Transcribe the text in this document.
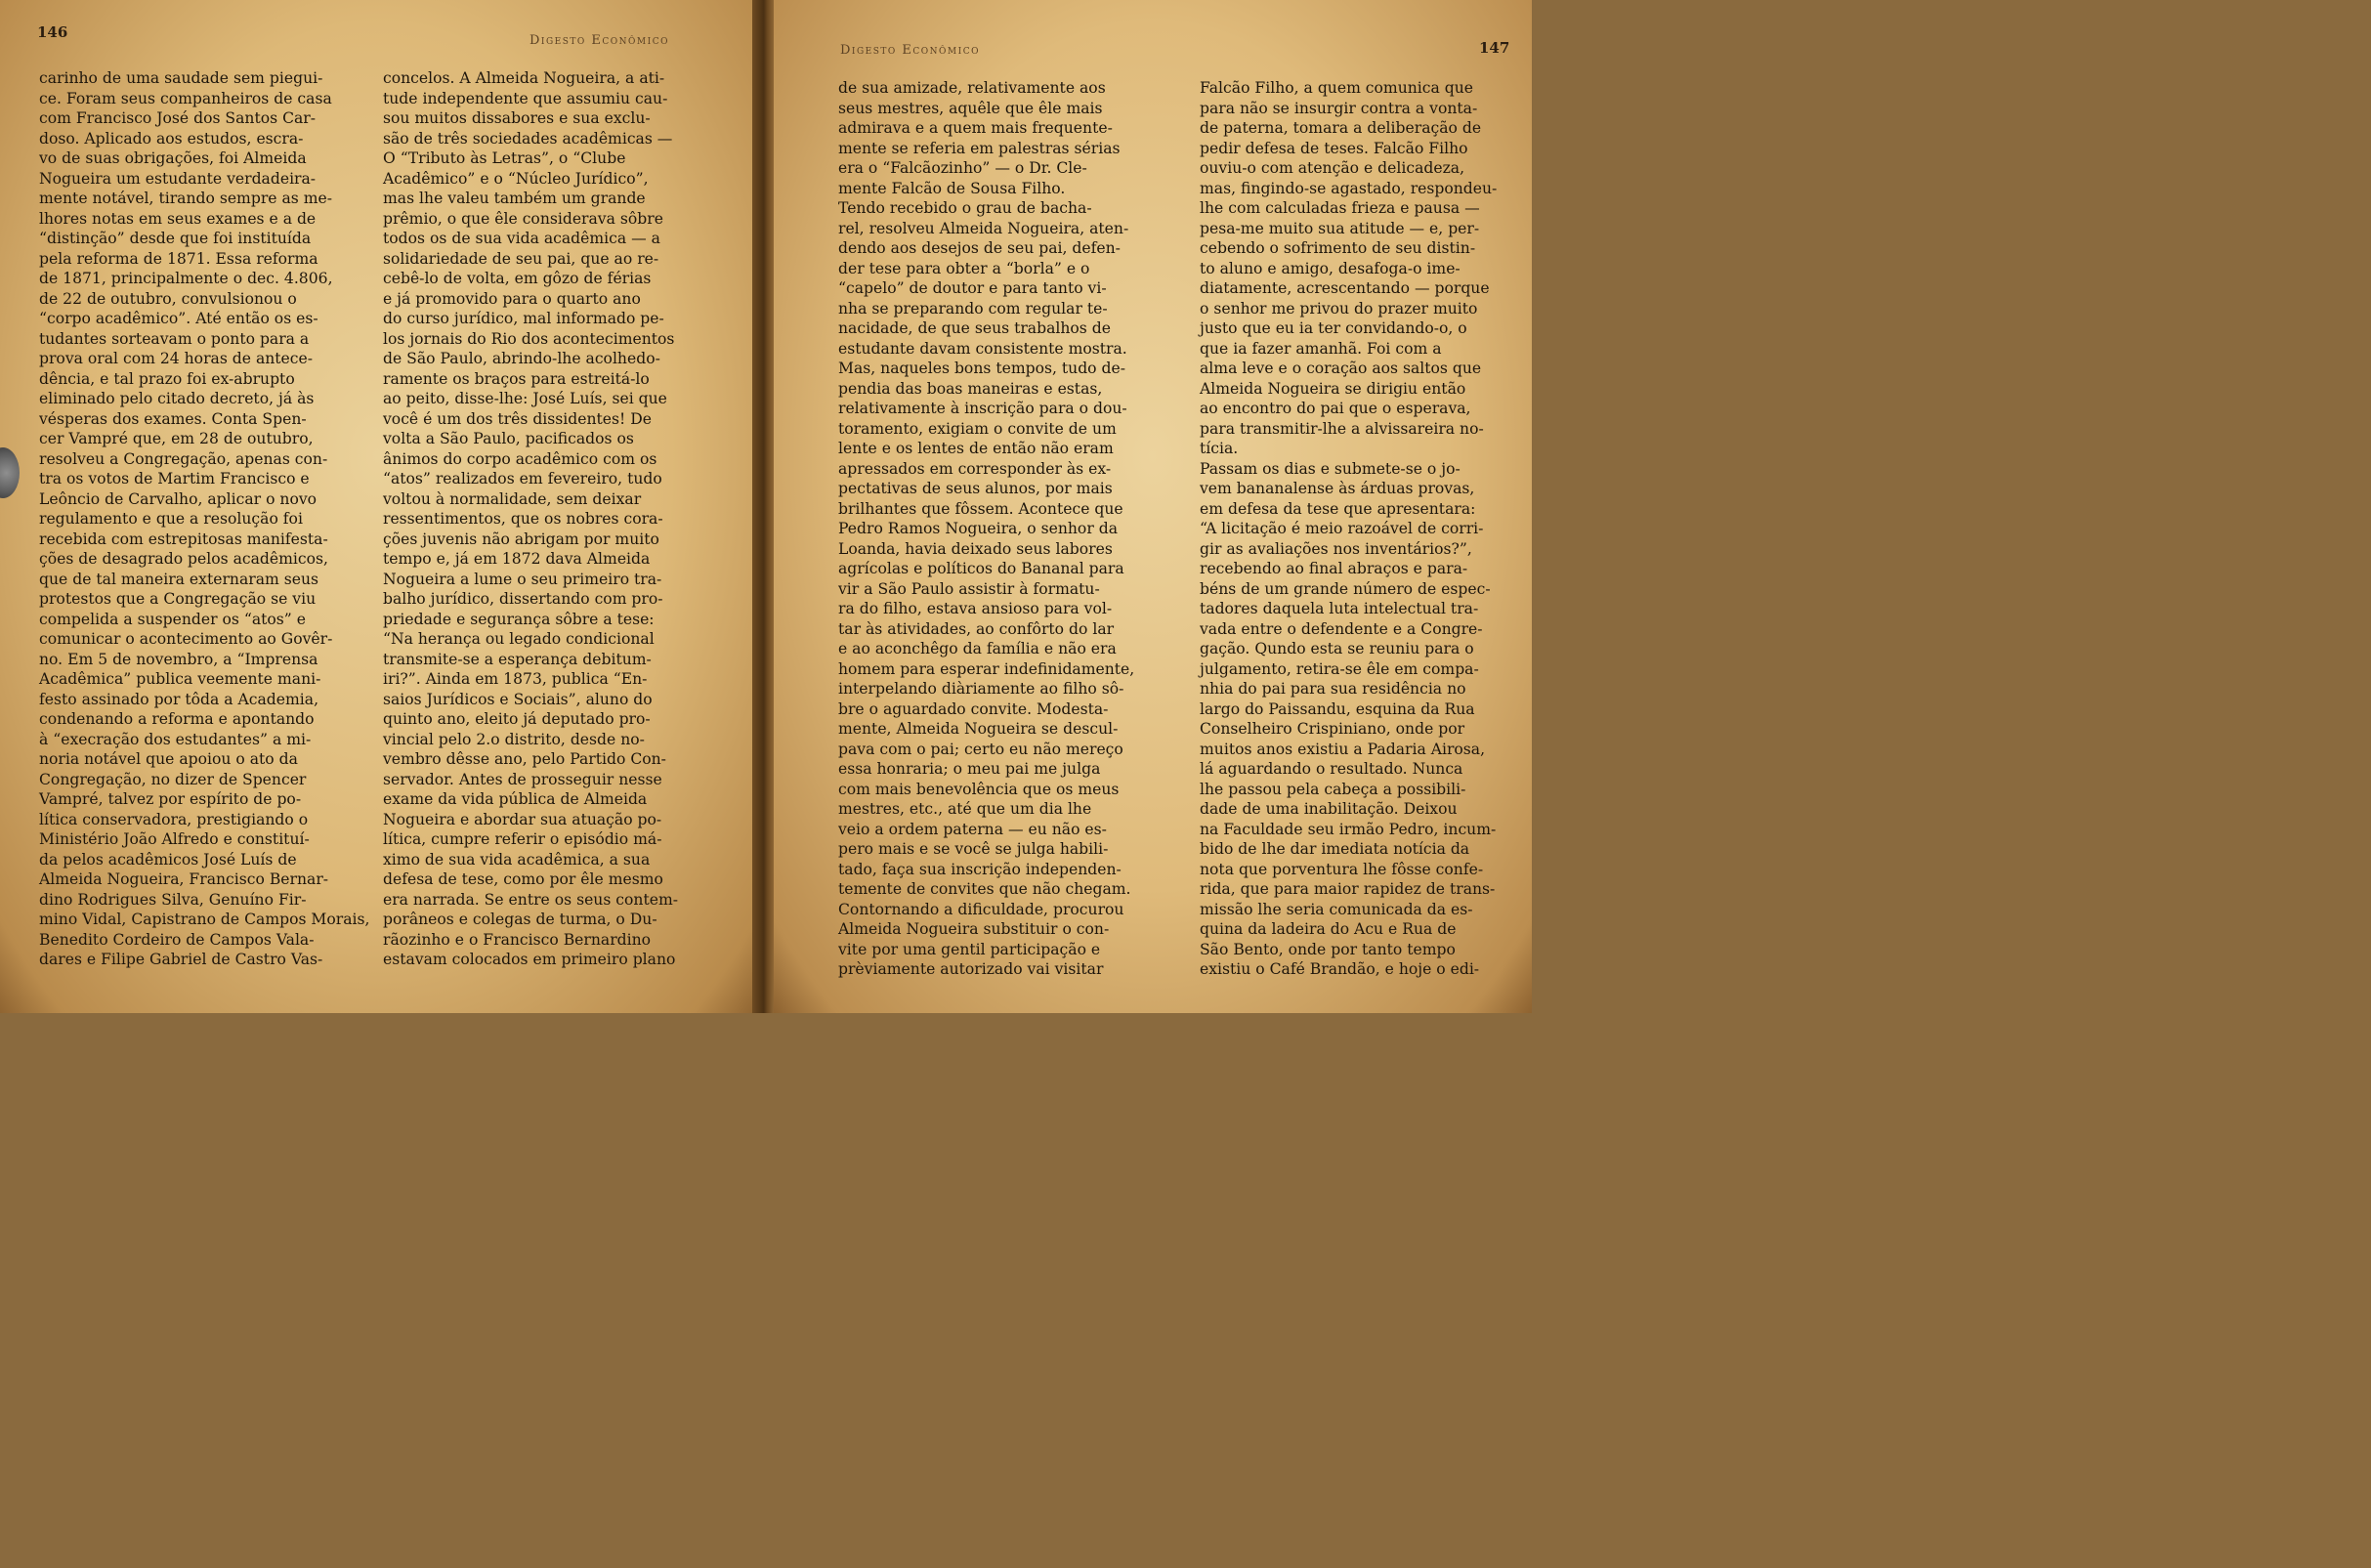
146	Digesto Econômico

carinho de uma saudade sem piegui-

ce. Foram seus companheiros de casa

com Francisco José dos Santos Car-

doso. Aplicado aos estudos, escra-

vo de suas obrigações, foi Almeida

Nogueira um estudante verdadeira-

mente notável, tirando sempre as me-

lhores notas em seus exames e a de

“distinção” desde que foi instituída

pela reforma de 1871. Essa reforma

de 1871, principalmente o dec. 4.806,

de 22 de outubro, convulsionou o

“corpo acadêmico”. Até então os es-

tudantes sorteavam o ponto para a

prova oral com 24 horas de antece-

dência, e tal prazo foi ex-abrupto

eliminado pelo citado decreto, já às

vésperas dos exames. Conta Spen-

cer Vampré que, em 28 de outubro,

resolveu a Congregação, apenas con-

tra os votos de Martim Francisco e

Leôncio de Carvalho, aplicar o novo

regulamento e que a resolução foi

recebida com estrepitosas manifesta-

ções de desagrado pelos acadêmicos,

que de tal maneira externaram seus

protestos que a Congregação se viu

compelida a suspender os “atos” e

comunicar o acontecimento ao Govêr-

no. Em 5 de novembro, a “Imprensa

Acadêmica” publica veemente mani-

festo assinado por tôda a Academia,

condenando a reforma e apontando

à “execração dos estudantes” a mi-

noria notável que apoiou o ato da

Congregação, no dizer de Spencer

Vampré, talvez por espírito de po-

lítica conservadora, prestigiando o

Ministério João Alfredo e constituí-

da pelos acadêmicos José Luís de

Almeida Nogueira, Francisco Bernar-

dino Rodrigues Silva, Genuíno Fir-

mino Vidal, Capistrano de Campos Morais,

Benedito Cordeiro de Campos Vala-

dares e Filipe Gabriel de Castro Vas-

concelos. A Almeida Nogueira, a ati-

tude independente que assumiu cau-

sou muitos dissabores e sua exclu-

são de três sociedades acadêmicas —

O “Tributo às Letras”, o “Clube

Acadêmico” e o “Núcleo Jurídico”,

mas lhe valeu também um grande

prêmio, o que êle considerava sôbre

todos os de sua vida acadêmica — a

solidariedade de seu pai, que ao re-

cebê-lo de volta, em gôzo de férias

e já promovido para o quarto ano

do curso jurídico, mal informado pe-

los jornais do Rio dos acontecimentos

de São Paulo, abrindo-lhe acolhedo-

ramente os braços para estreitá-lo

ao peito, disse-lhe: José Luís, sei que

você é um dos três dissidentes! De

volta a São Paulo, pacificados os

ânimos do corpo acadêmico com os

“atos” realizados em fevereiro, tudo

voltou à normalidade, sem deixar

ressentimentos, que os nobres cora-

ções juvenis não abrigam por muito

tempo e, já em 1872 dava Almeida

Nogueira a lume o seu primeiro tra-

balho jurídico, dissertando com pro-

priedade e segurança sôbre a tese:

“Na herança ou legado condicional

transmite-se a esperança debitum-

iri?”. Ainda em 1873, publica “En-

saios Jurídicos e Sociais”, aluno do

quinto ano, eleito já deputado pro-

vincial pelo 2.o distrito, desde no-

vembro dêsse ano, pelo Partido Con-

servador. Antes de prosseguir nesse

exame da vida pública de Almeida

Nogueira e abordar sua atuação po-

lítica, cumpre referir o episódio má-

ximo de sua vida acadêmica, a sua

defesa de tese, como por êle mesmo

era narrada. Se entre os seus contem-

porâneos e colegas de turma, o Du-

rãozinho e o Francisco Bernardino

estavam colocados em primeiro plano

Digesto Econômico	147

de sua amizade, relativamente aos

seus mestres, aquêle que êle mais

admirava e a quem mais frequente-

mente se referia em palestras sérias

era o “Falcãozinho” — o Dr. Cle-

mente Falcão de Sousa Filho.

Tendo recebido o grau de bacha-

rel, resolveu Almeida Nogueira, aten-

dendo aos desejos de seu pai, defen-

der tese para obter a “borla” e o

“capelo” de doutor e para tanto vi-

nha se preparando com regular te-

nacidade, de que seus trabalhos de

estudante davam consistente mostra.

Mas, naqueles bons tempos, tudo de-

pendia das boas maneiras e estas,

relativamente à inscrição para o dou-

toramento, exigiam o convite de um

lente e os lentes de então não eram

apressados em corresponder às ex-

pectativas de seus alunos, por mais

brilhantes que fôssem. Acontece que

Pedro Ramos Nogueira, o senhor da

Loanda, havia deixado seus labores

agrícolas e políticos do Bananal para

vir a São Paulo assistir à formatu-

ra do filho, estava ansioso para vol-

tar às atividades, ao confôrto do lar

e ao aconchêgo da família e não era

homem para esperar indefinidamente,

interpelando diàriamente ao filho sô-

bre o aguardado convite. Modesta-

mente, Almeida Nogueira se descul-

pava com o pai; certo eu não mereço

essa honraria; o meu pai me julga

com mais benevolência que os meus

mestres, etc., até que um dia lhe

veio a ordem paterna — eu não es-

pero mais e se você se julga habili-

tado, faça sua inscrição independen-

temente de convites que não chegam.

Contornando a dificuldade, procurou

Almeida Nogueira substituir o con-

vite por uma gentil participação e

prèviamente autorizado vai visitar

Falcão Filho, a quem comunica que

para não se insurgir contra a vonta-

de paterna, tomara a deliberação de

pedir defesa de teses. Falcão Filho

ouviu-o com atenção e delicadeza,

mas, fingindo-se agastado, respondeu-

lhe com calculadas frieza e pausa —

pesa-me muito sua atitude — e, per-

cebendo o sofrimento de seu distin-

to aluno e amigo, desafoga-o ime-

diatamente, acrescentando — porque

o senhor me privou do prazer muito

justo que eu ia ter convidando-o, o

que ia fazer amanhã. Foi com a

alma leve e o coração aos saltos que

Almeida Nogueira se dirigiu então

ao encontro do pai que o esperava,

para transmitir-lhe a alvissareira no-

tícia.

Passam os dias e submete-se o jo-

vem bananalense às árduas provas,

em defesa da tese que apresentara:

“A licitação é meio razoável de corri-

gir as avaliações nos inventários?”,

recebendo ao final abraços e para-

béns de um grande número de espec-

tadores daquela luta intelectual tra-

vada entre o defendente e a Congre-

gação. Qundo esta se reuniu para o

julgamento, retira-se êle em compa-

nhia do pai para sua residência no

largo do Paissandu, esquina da Rua

Conselheiro Crispiniano, onde por

muitos anos existiu a Padaria Airosa,

lá aguardando o resultado. Nunca

lhe passou pela cabeça a possibili-

dade de uma inabilitação. Deixou

na Faculdade seu irmão Pedro, incum-

bido de lhe dar imediata notícia da

nota que porventura lhe fôsse confe-

rida, que para maior rapidez de trans-

missão lhe seria comunicada da es-

quina da ladeira do Acu e Rua de

São Bento, onde por tanto tempo

existiu o Café Brandão, e hoje o edi-
